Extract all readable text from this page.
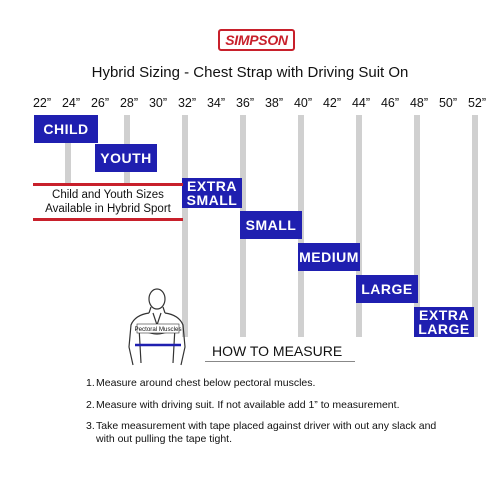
SIMPSON
Hybrid Sizing - Chest Strap with Driving Suit On
22” 24” 26” 28” 30” 32” 34” 36” 38” 40” 42” 44” 46” 48” 50” 52”
CHILD
YOUTH
EXTRA
SMALL
SMALL
MEDIUM
LARGE
EXTRA
LARGE
Child and Youth Sizes
Available in Hybrid Sport
Pectoral Muscles
HOW TO MEASURE
1. Measure around chest below pectoral muscles.
2. Measure with driving suit. If not available add 1” to measurement.
3. Take measurement with tape placed against driver with out any slack and with out pulling the tape tight.
